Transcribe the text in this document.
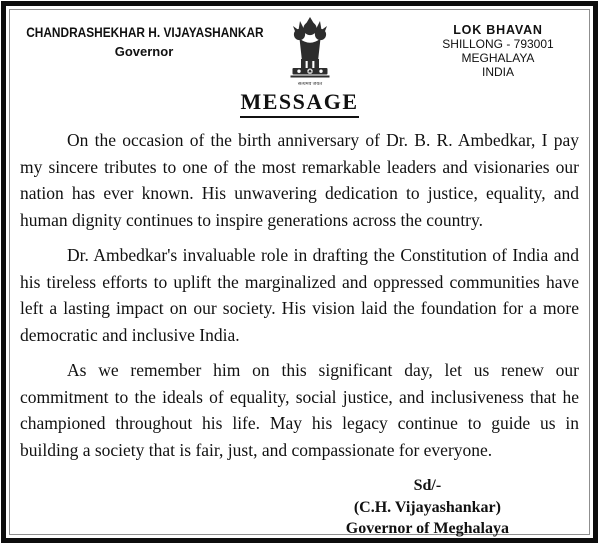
CHANDRASHEKHAR H. VIJAYASHANKAR
Governor
सत्यमेव जयते
LOK BHAVAN
SHILLONG - 793001
MEGHALAYA
INDIA
MESSAGE

On the occasion of the birth anniversary of Dr. B. R. Ambedkar, I pay my sincere tributes to one of the most remarkable leaders and visionaries our nation has ever known. His unwavering dedication to justice, equality, and human dignity continues to inspire generations across the country.

Dr. Ambedkar's invaluable role in drafting the Constitution of India and his tireless efforts to uplift the marginalized and oppressed communities have left a lasting impact on our society. His vision laid the foundation for a more democratic and inclusive India.

As we remember him on this significant day, let us renew our commitment to the ideals of equality, social justice, and inclusiveness that he championed throughout his life. May his legacy continue to guide us in building a society that is fair, just, and compassionate for everyone.

Sd/-
(C.H. Vijayashankar)
Governor of Meghalaya
